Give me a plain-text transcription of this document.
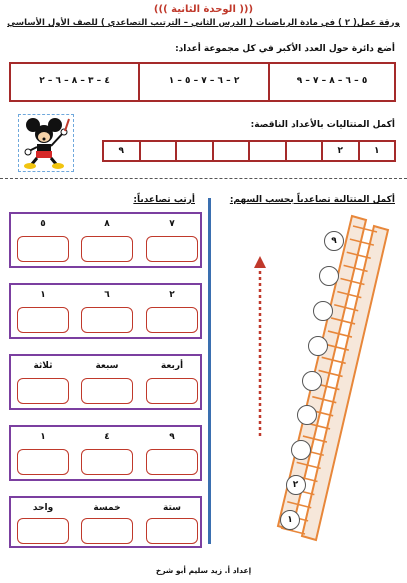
((( الوحدة الثانية )))
ورقة عمل( ٢ ) في مادة الرياضيات ( الدرس الثاني – الترتيب التصاعدي ) للصف الأول الأساسي
أضع دائرة حول العدد الأكبر في كل مجموعة أعداد:
٥ – ٦ – ٨ – ٧ – ٩
٢ – ٦ – ٧ – ٥ – ١
٤ – ٣ – ٨ – ٦ – ٢
أكمل المتتاليات بالأعداد الناقصة:
١
٢
٩
أرتب تصاعدياً:
٧
٨
٥
٢
٦
١
أربعة
سبعة
ثلاثة
٩
٤
١
ستة
خمسة
واحد
أكمل المتتالية تصاعدياً بحسب السهم:
٩
٢
١
إعداد أ. زيد سليم أبو شرخ
